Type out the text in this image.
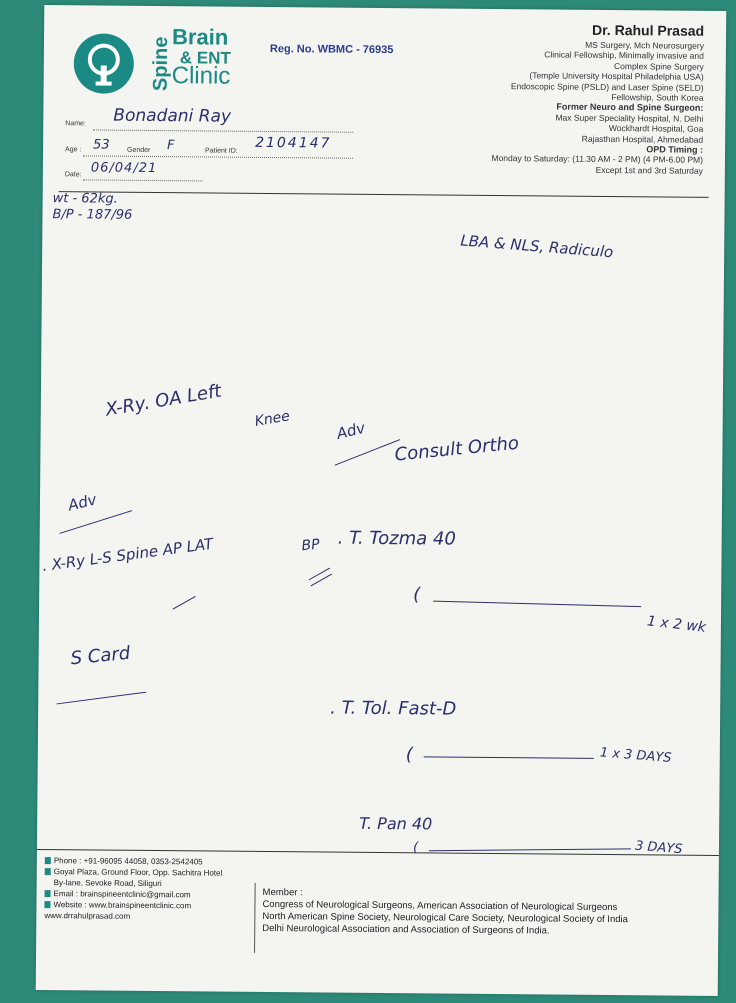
Spine Brain
& ENT
Clinic
Reg. No. WBMC - 76935
Dr. Rahul Prasad
MS Surgery, Mch Neurosurgery
Clinical Fellowship, Minimally invasive and
Complex Spine Surgery
(Temple University Hospital Philadelphia USA)
Endoscopic Spine (PSLD) and Laser Spine (SELD)
Fellowship, South Korea
Former Neuro and Spine Surgeon:
Max Super Speciality Hospital, N. Delhi
Wockhardt Hospital, Goa
Rajasthan Hospital, Ahmedabad
OPD Timing :
Monday to Saturday: (11.30 AM - 2 PM) (4 PM-6.00 PM)
Except 1st and 3rd Saturday
Name: Bonadani Ray
Age : 53 Gender F	Patient ID: 2104147
Date: 06/04/21
wt - 62kg.
B/P - 187/96
LBA & NLS, Radiculo
X-Ry. OA Left Knee	Adv
Consult Ortho
Adv
. X-Ry L-S Spine AP LAT
S Card
BP . T. Tozma 40
(
1 x 2 wk
. T. Tol. Fast-D
(	1 x 3 DAYS
T. Pan 40
(	3 DAYS
Phone : +91-96095 44058, 0353-2542405
Goyal Plaza, Ground Floor, Opp. Sachitra Hotel
By-lane, Sevoke Road, Siliguri
Email : brainspineentclinic@gmail.com
Website : www.brainspineentclinic.com
www.drrahulprasad.com
Member :
Congress of Neurological Surgeons, American Association of Neurological Surgeons
North American Spine Society, Neurological Care Society, Neurological Society of India
Delhi Neurological Association and Association of Surgeons of India.
